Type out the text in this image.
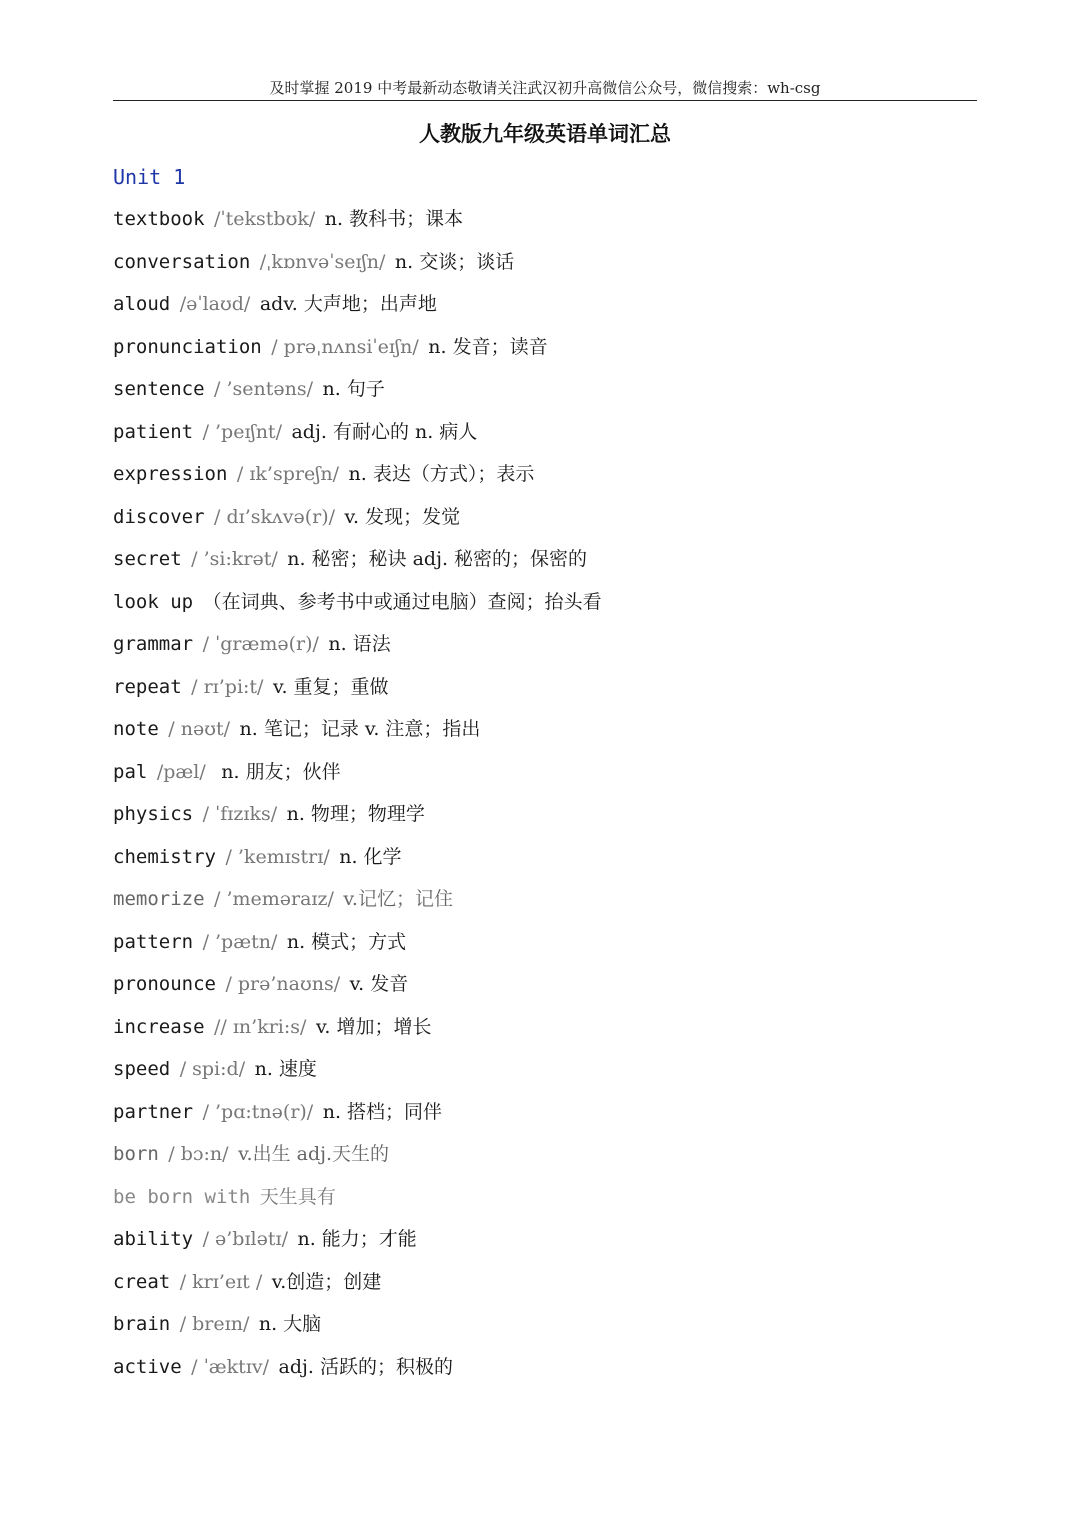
及时掌握 2019 中考最新动态敬请关注武汉初升高微信公众号，微信搜索：wh-csg
人教版九年级英语单词汇总
Unit 1
textbook /ˈtekstbʊk/ n. 教科书；课本
conversation /ˌkɒnvəˈseɪʃn/ n. 交谈；谈话
aloud /əˈlaʊd/ adv. 大声地；出声地
pronunciation / prəˌnʌnsiˈeɪʃn/ n. 发音；读音
sentence / ’sentəns/ n. 句子
patient / ’peɪʃnt/ adj. 有耐心的 n. 病人
expression / ɪk’spreʃn/ n. 表达（方式）；表示
discover / dɪ’skʌvə(r)/ v. 发现；发觉
secret / ’si:krət/ n. 秘密；秘诀 adj. 秘密的；保密的
look up （在词典、参考书中或通过电脑）查阅；抬头看
grammar / ˈgræmə(r)/ n. 语法
repeat / rɪ’pi:t/ v. 重复；重做
note / nəʊt/ n. 笔记；记录 v. 注意；指出
pal /pæl/ n. 朋友；伙伴
physics / ˈfɪzɪks/ n. 物理；物理学
chemistry / ’kemɪstrɪ/ n. 化学
memorize / ’meməraɪz/ v.记忆；记住
pattern / ’pætn/ n. 模式；方式
pronounce / prə’naʊns/ v. 发音
increase // ɪn’kri:s/ v. 增加；增长
speed / spi:d/ n. 速度
partner / ’pɑ:tnə(r)/ n. 搭档；同伴
born / bɔ:n/ v.出生 adj.天生的
be born with 天生具有
ability / ə’bɪlətɪ/ n. 能力；才能
creat / krɪ’eɪt / v.创造；创建
brain / breɪn/ n. 大脑
active / ˈæktɪv/ adj. 活跃的；积极的
